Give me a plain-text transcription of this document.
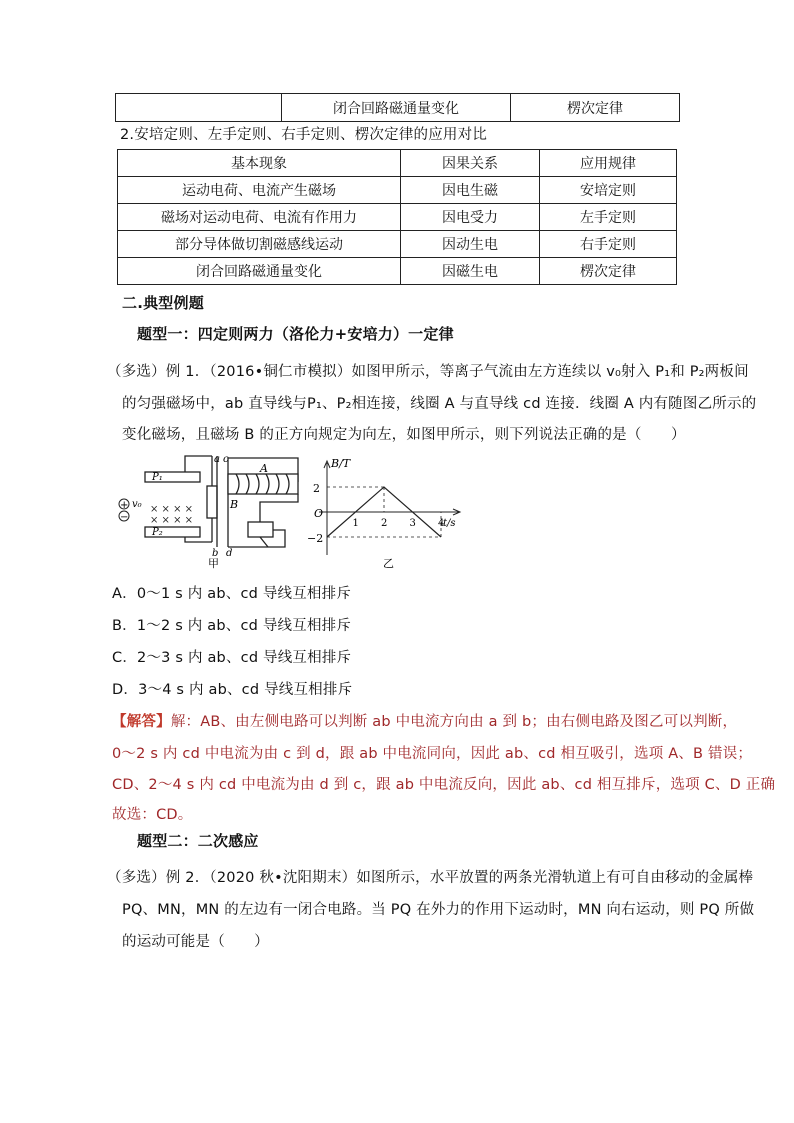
	闭合回路磁通量变化	楞次定律
2.安培定则、左手定则、右手定则、楞次定律的应用对比
基本现象	因果关系	应用规律
运动电荷、电流产生磁场	因电生磁	安培定则
磁场对运动电荷、电流有作用力	因电受力	左手定则
部分导体做切割磁感线运动	因动生电	右手定则
闭合回路磁通量变化	因磁生电	楞次定律
二.典型例题
题型一：四定则两力（洛伦力+安培力）一定律
（多选）例 1．（2016•铜仁市模拟）如图甲所示，等离子气流由左方连续以 v₀射入 P₁和 P₂两板间
的匀强磁场中，ab 直导线与P₁、P₂相连接，线圈 A 与直导线 cd 连接．线圈 A 内有随图乙所示的
变化磁场，且磁场 B 的正方向规定为向左，如图甲所示，则下列说法正确的是（　　）
× × × ×
× × × ×
+
−
a c
A
P₁
v₀
P₂
B
b d
甲
B/T
t/s
O
2
−2
1 2 3 4
乙
A．0～1 s 内 ab、cd 导线互相排斥
B．1～2 s 内 ab、cd 导线互相排斥
C．2～3 s 内 ab、cd 导线互相排斥
D．3～4 s 内 ab、cd 导线互相排斥
【解答】解：AB、由左侧电路可以判断 ab 中电流方向由 a 到 b；由右侧电路及图乙可以判断，
0～2 s 内 cd 中电流为由 c 到 d，跟 ab 中电流同向，因此 ab、cd 相互吸引，选项 A、B 错误；
CD、2～4 s 内 cd 中电流为由 d 到 c，跟 ab 中电流反向，因此 ab、cd 相互排斥，选项 C、D 正确
故选：CD。
题型二：二次感应
（多选）例 2．（2020 秋•沈阳期末）如图所示，水平放置的两条光滑轨道上有可自由移动的金属棒
PQ、MN，MN 的左边有一闭合电路。当 PQ 在外力的作用下运动时，MN 向右运动，则 PQ 所做
的运动可能是（　　）
